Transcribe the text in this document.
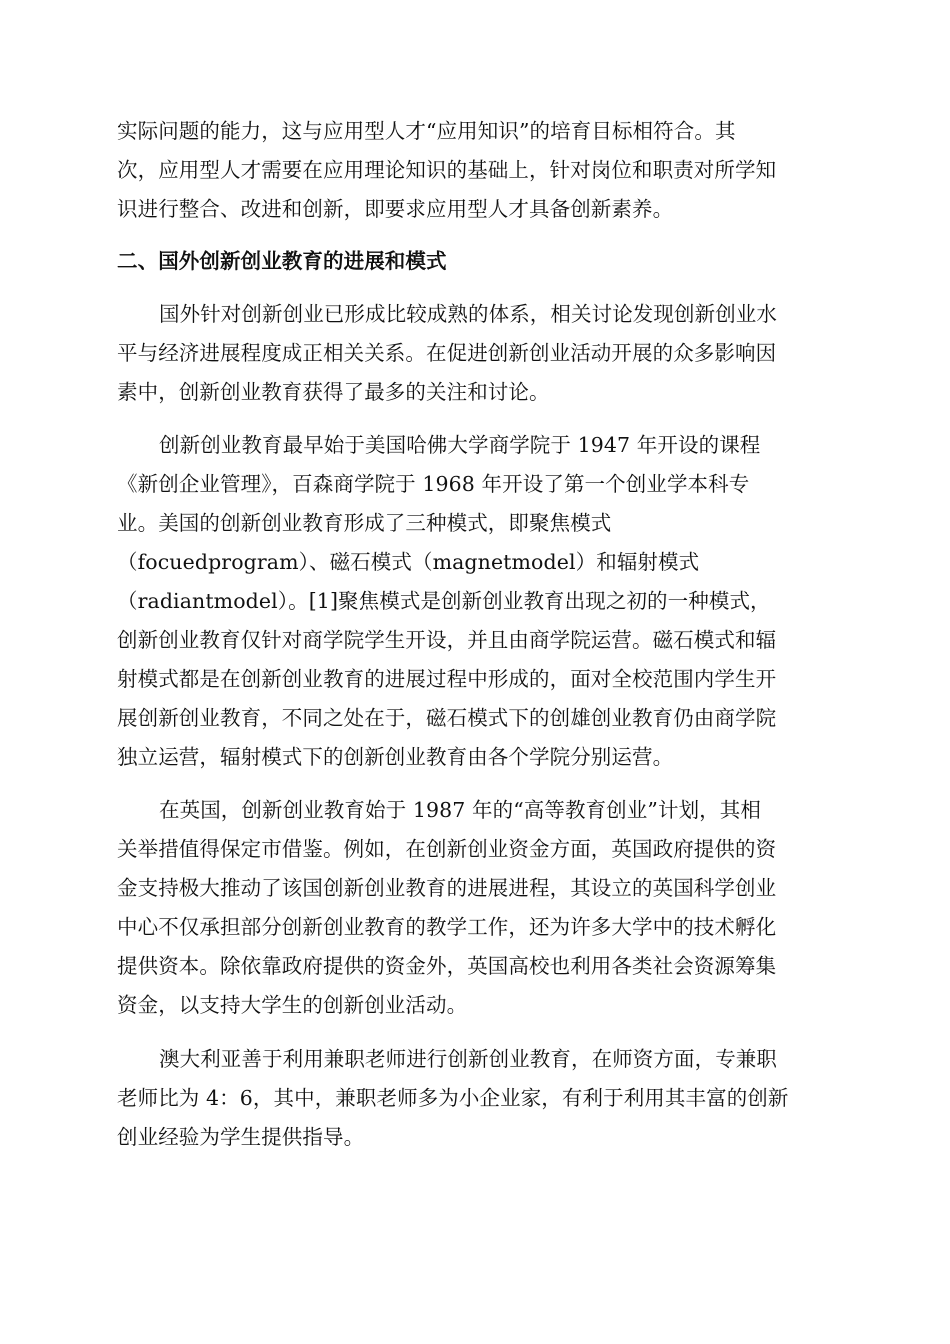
实际问题的能力，这与应用型人才“应用知识”的培育目标相符合。其
次，应用型人才需要在应用理论知识的基础上，针对岗位和职责对所学知
识进行整合、改进和创新，即要求应用型人才具备创新素养。
二、国外创新创业教育的进展和模式
国外针对创新创业已形成比较成熟的体系，相关讨论发现创新创业水
平与经济进展程度成正相关关系。在促进创新创业活动开展的众多影响因
素中，创新创业教育获得了最多的关注和讨论。
创新创业教育最早始于美国哈佛大学商学院于 1947 年开设的课程
《新创企业管理》，百森商学院于 1968 年开设了第一个创业学本科专
业。美国的创新创业教育形成了三种模式，即聚焦模式
（focuedprogram）、磁石模式（magnetmodel）和辐射模式
（radiantmodel）。[1]聚焦模式是创新创业教育出现之初的一种模式，
创新创业教育仅针对商学院学生开设，并且由商学院运营。磁石模式和辐
射模式都是在创新创业教育的进展过程中形成的，面对全校范围内学生开
展创新创业教育，不同之处在于，磁石模式下的创雄创业教育仍由商学院
独立运营，辐射模式下的创新创业教育由各个学院分别运营。
在英国，创新创业教育始于 1987 年的“高等教育创业”计划，其相
关举措值得保定市借鉴。例如，在创新创业资金方面，英国政府提供的资
金支持极大推动了该国创新创业教育的进展进程，其设立的英国科学创业
中心不仅承担部分创新创业教育的教学工作，还为许多大学中的技术孵化
提供资本。除依靠政府提供的资金外，英国高校也利用各类社会资源筹集
资金，以支持大学生的创新创业活动。
澳大利亚善于利用兼职老师进行创新创业教育，在师资方面，专兼职
老师比为 4：6，其中，兼职老师多为小企业家，有利于利用其丰富的创新
创业经验为学生提供指导。
